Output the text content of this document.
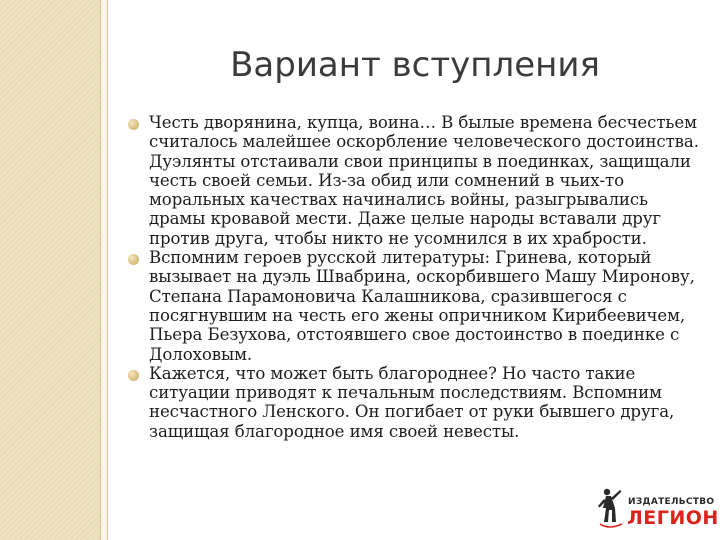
Вариант вступления
Честь дворянина, купца, воина… В былые времена бесчестьем считалось малейшее оскорбление человеческого достоинства. Дуэлянты отстаивали свои принципы в поединках, защищали честь своей семьи. Из-за обид или сомнений в чьих-то моральных качествах начинались войны, разыгрывались драмы кровавой мести. Даже целые народы вставали друг против друга, чтобы никто не усомнился в их храбрости.
Вспомним героев русской литературы: Гринева, который вызывает на дуэль Швабрина, оскорбившего Машу Миронову, Степана Парамоновича Калашникова, сразившегося с посягнувшим на честь его жены опричником Кирибеевичем, Пьера Безухова, отстоявшего свое достоинство в поединке с Долоховым.
Кажется, что может быть благороднее? Но часто такие ситуации приводят к печальным последствиям. Вспомним несчастного Ленского. Он погибает от руки бывшего друга, защищая благородное имя своей невесты.
ИЗДАТЕЛЬСТВО
ЛЕГИОН
